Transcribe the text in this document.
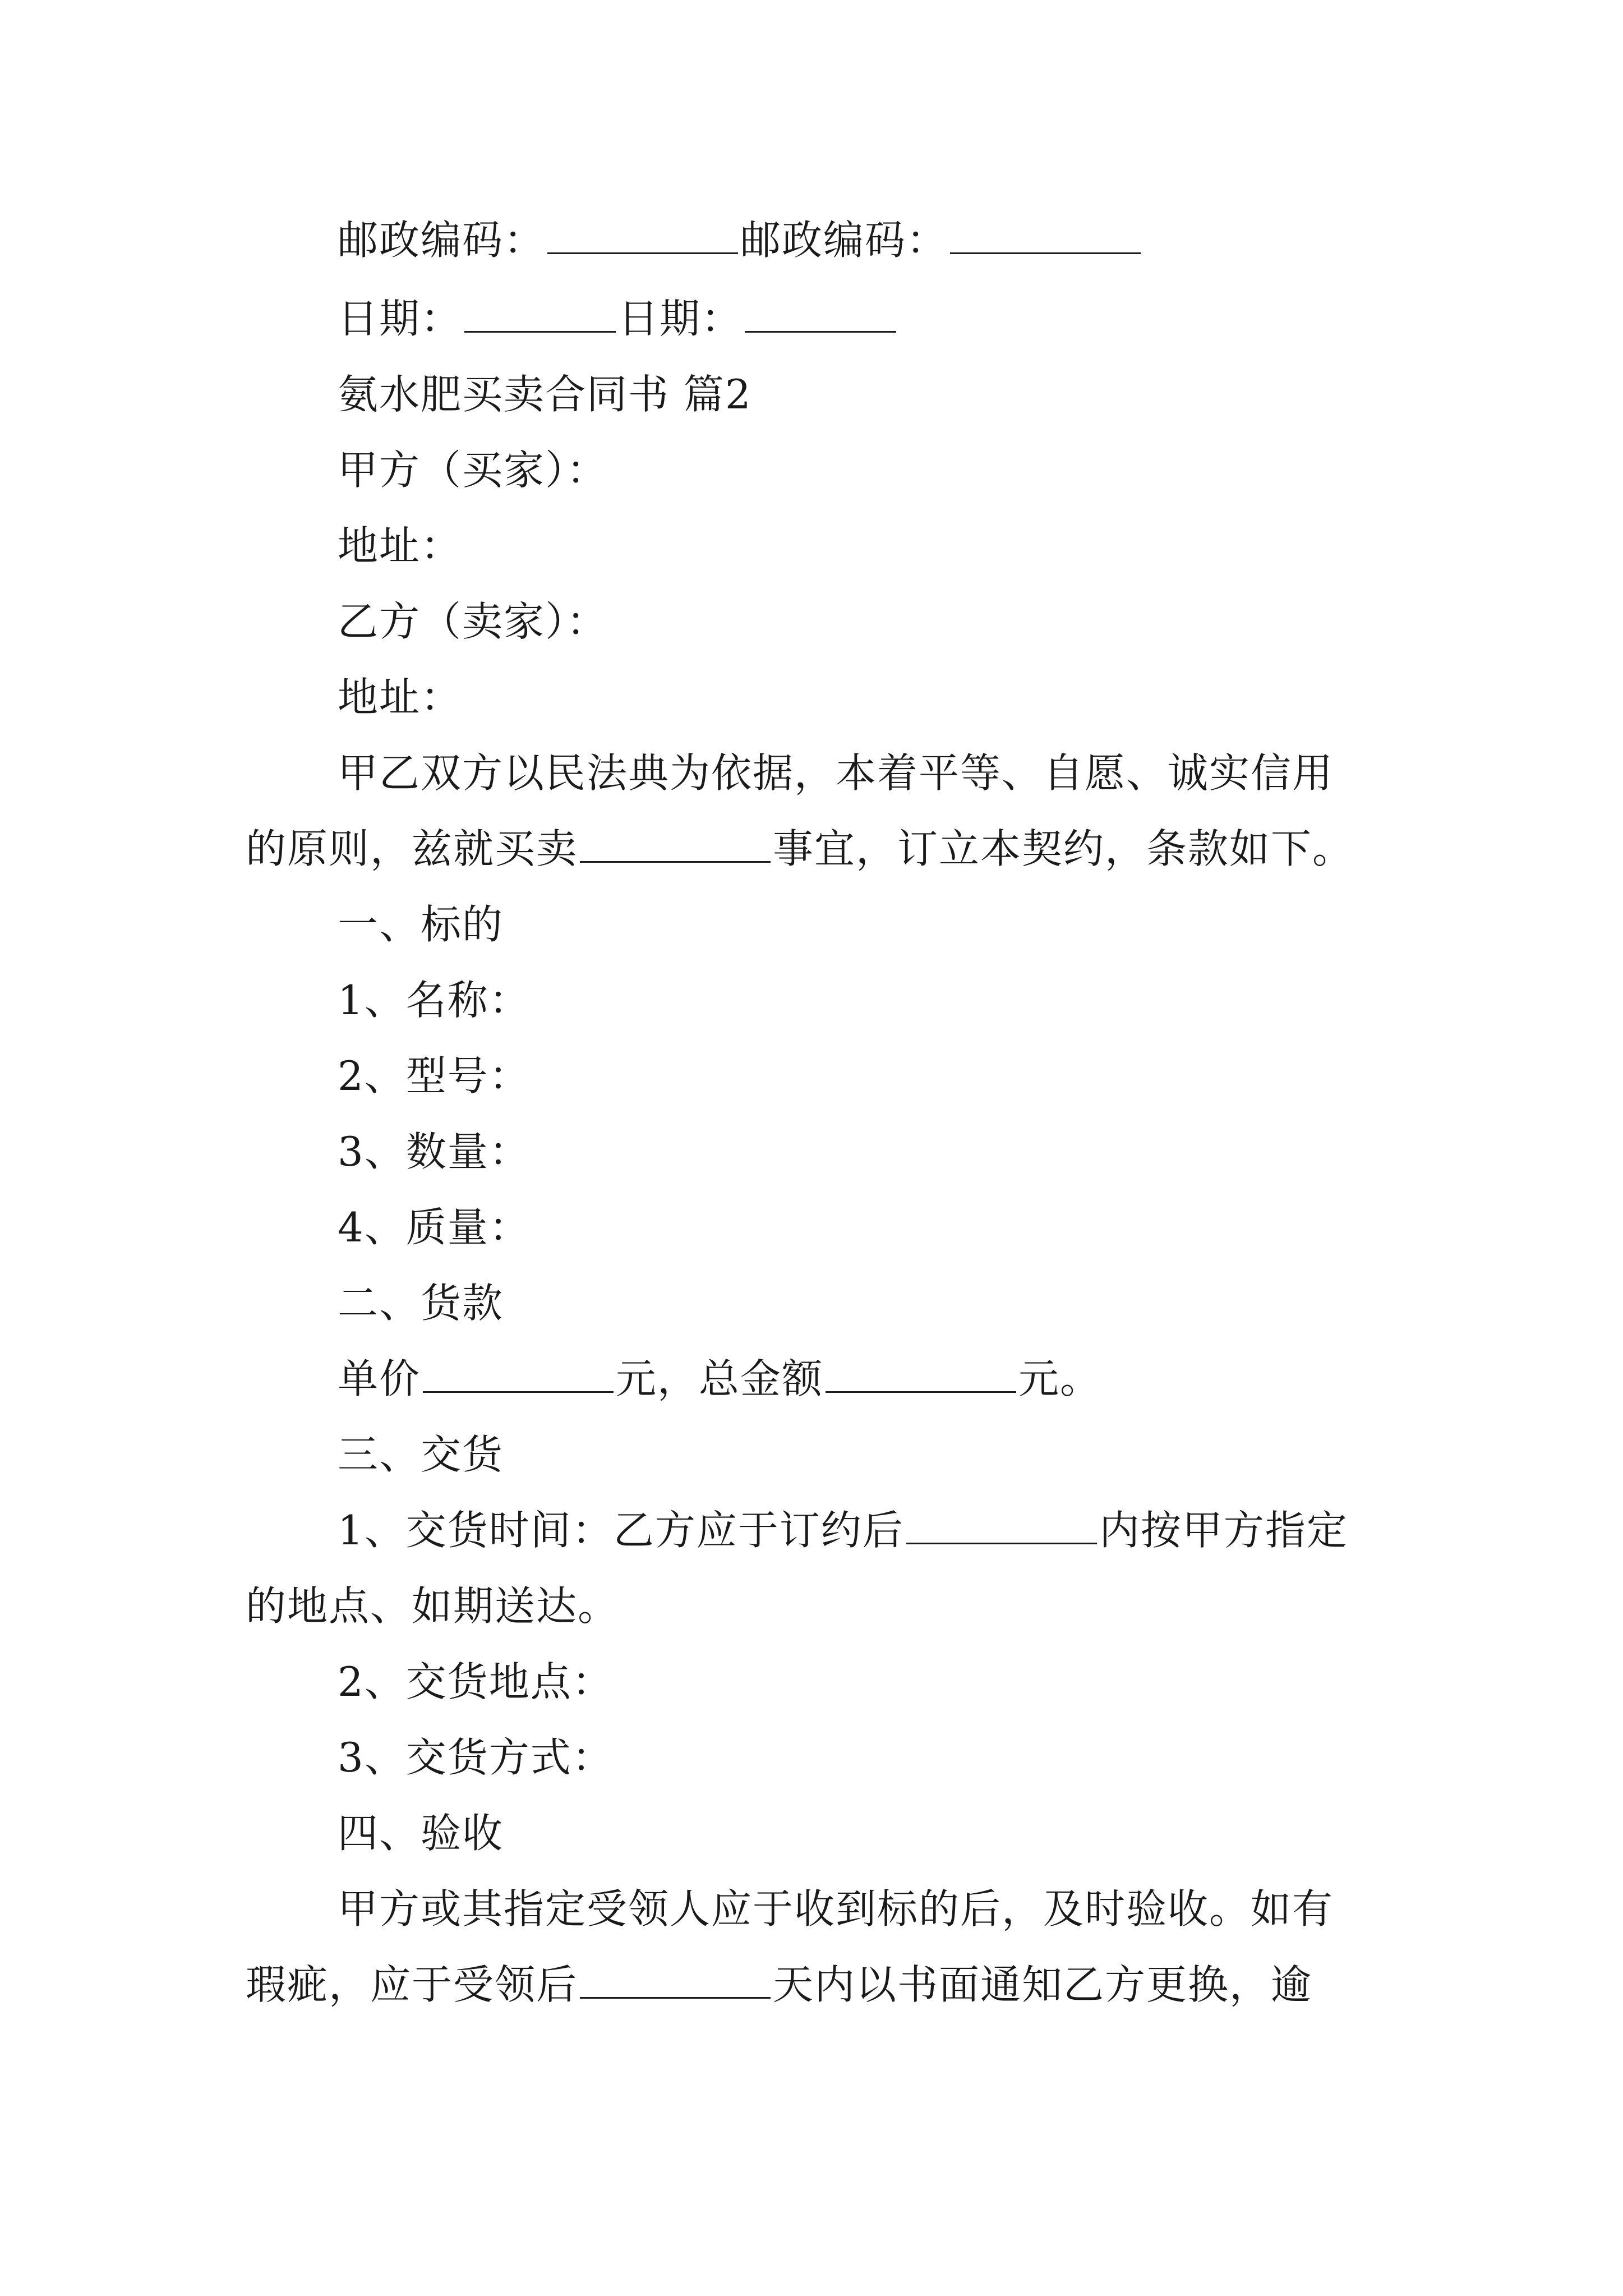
邮政编码：	邮政编码：
日期：	日期：
氨水肥买卖合同书 篇2
甲方（买家）：
地址：
乙方（卖家）：
地址：
甲乙双方以民法典为依据，本着平等、自愿、诚实信用
的原则，兹就买卖	事宜，订立本契约，条款如下。
一、标的
1、名称：
2、型号：
3、数量：
4、质量：
二、货款
单价	元，总金额	元。
三、交货
1、交货时间：乙方应于订约后	内按甲方指定
的地点、如期送达。
2、交货地点：
3、交货方式：
四、验收
甲方或其指定受领人应于收到标的后，及时验收。如有
瑕疵，应于受领后	天内以书面通知乙方更换，逾
